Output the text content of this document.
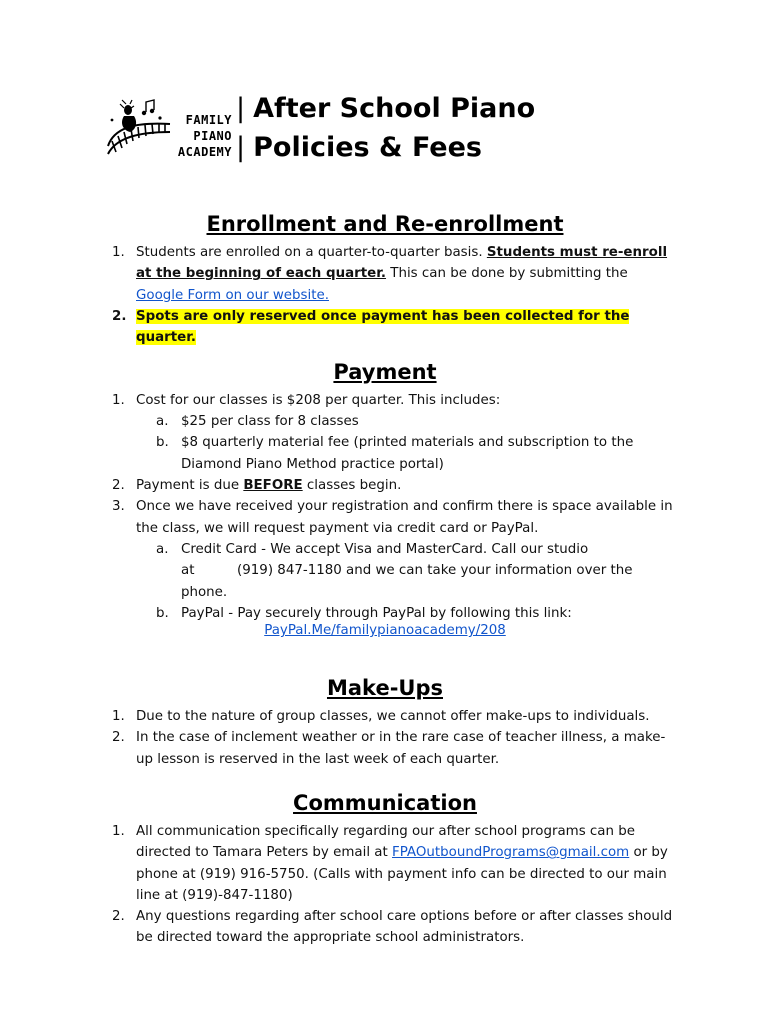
FAMILY
PIANO
ACADEMY
| After School Piano
| Policies & Fees
Enrollment and Re-enrollment
1. Students are enrolled on a quarter-to-quarter basis. Students must re-enroll at the beginning of each quarter. This can be done by submitting the Google Form on our website.
2. Spots are only reserved once payment has been collected for the quarter.
Payment
1. Cost for our classes is $208 per quarter. This includes:
a. $25 per class for 8 classes
b. $8 quarterly material fee (printed materials and subscription to the Diamond Piano Method practice portal)
2. Payment is due BEFORE classes begin.
3. Once we have received your registration and confirm there is space available in the class, we will request payment via credit card or PayPal.
a. Credit Card - We accept Visa and MasterCard. Call our studio at	(919) 847-1180 and we can take your information over the phone.
b. PayPal - Pay securely through PayPal by following this link:
PayPal.Me/familypianoacademy/208
Make-Ups
1. Due to the nature of group classes, we cannot offer make-ups to individuals.
2. In the case of inclement weather or in the rare case of teacher illness, a make-up lesson is reserved in the last week of each quarter.
Communication
1. All communication specifically regarding our after school programs can be directed to Tamara Peters by email at FPAOutboundPrograms@gmail.com or by phone at (919) 916-5750. (Calls with payment info can be directed to our main line at (919)-847-1180)
2. Any questions regarding after school care options before or after classes should be directed toward the appropriate school administrators.
